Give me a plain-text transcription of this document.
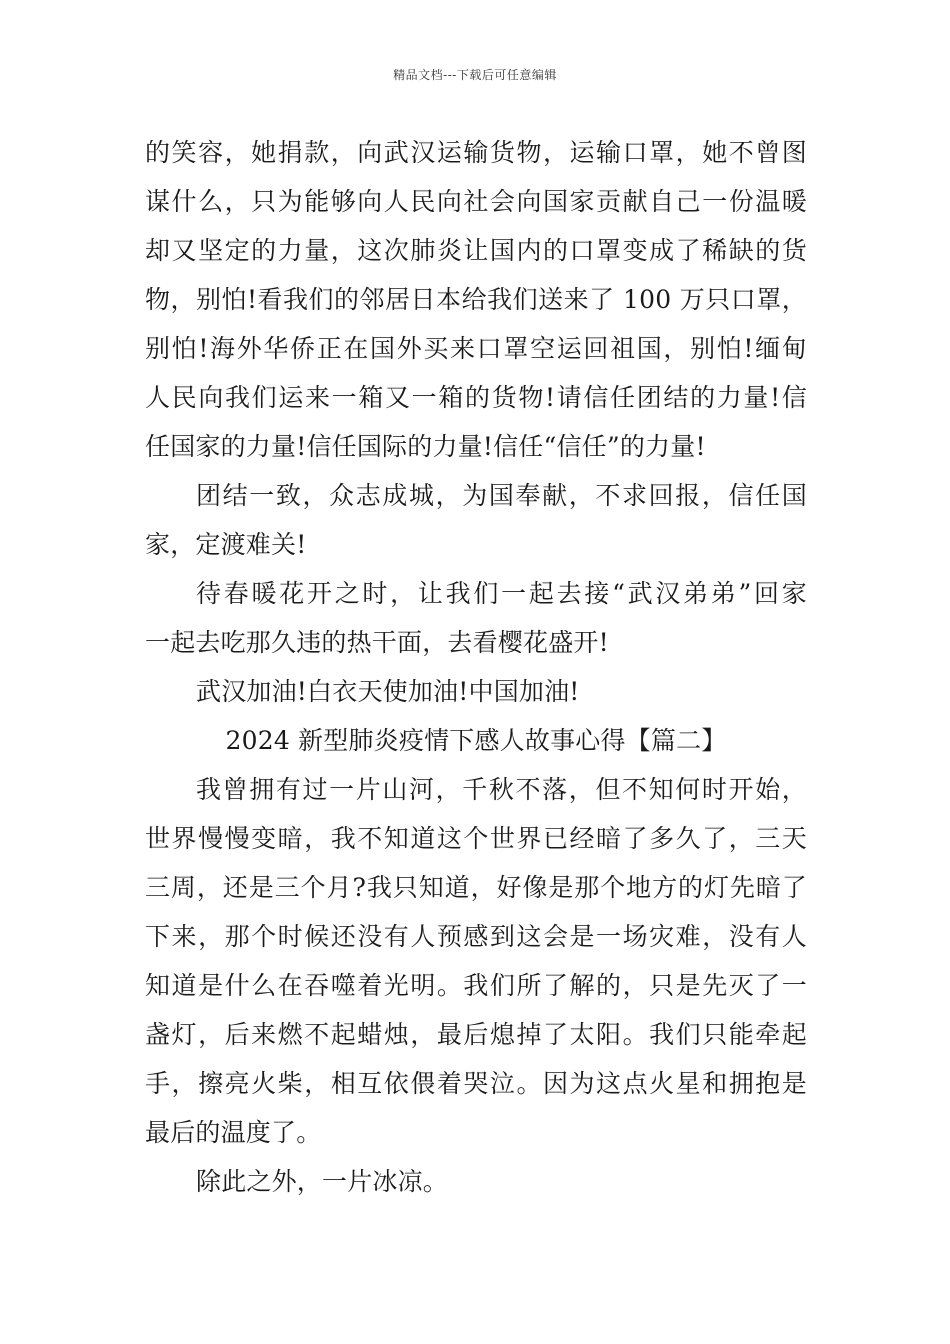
精品文档---下载后可任意编辑
的笑容，她捐款，向武汉运输货物，运输口罩，她不曾图
谋什么，只为能够向人民向社会向国家贡献自己一份温暖
却又坚定的力量，这次肺炎让国内的口罩变成了稀缺的货
物，别怕!看我们的邻居日本给我们送来了 100 万只口罩，
别怕!海外华侨正在国外买来口罩空运回祖国，别怕!缅甸
人民向我们运来一箱又一箱的货物!请信任团结的力量!信
任国家的力量!信任国际的力量!信任“信任”的力量!
团结一致，众志成城，为国奉献，不求回报，信任国
家，定渡难关!
待春暖花开之时，让我们一起去接“武汉弟弟”回家
一起去吃那久违的热干面，去看樱花盛开!
武汉加油!白衣天使加油!中国加油!
2024 新型肺炎疫情下感人故事心得【篇二】
我曾拥有过一片山河，千秋不落，但不知何时开始，
世界慢慢变暗，我不知道这个世界已经暗了多久了，三天
三周，还是三个月?我只知道，好像是那个地方的灯先暗了
下来，那个时候还没有人预感到这会是一场灾难，没有人
知道是什么在吞噬着光明。我们所了解的，只是先灭了一
盏灯，后来燃不起蜡烛，最后熄掉了太阳。我们只能牵起
手，擦亮火柴，相互依偎着哭泣。因为这点火星和拥抱是
最后的温度了。
除此之外，一片冰凉。
